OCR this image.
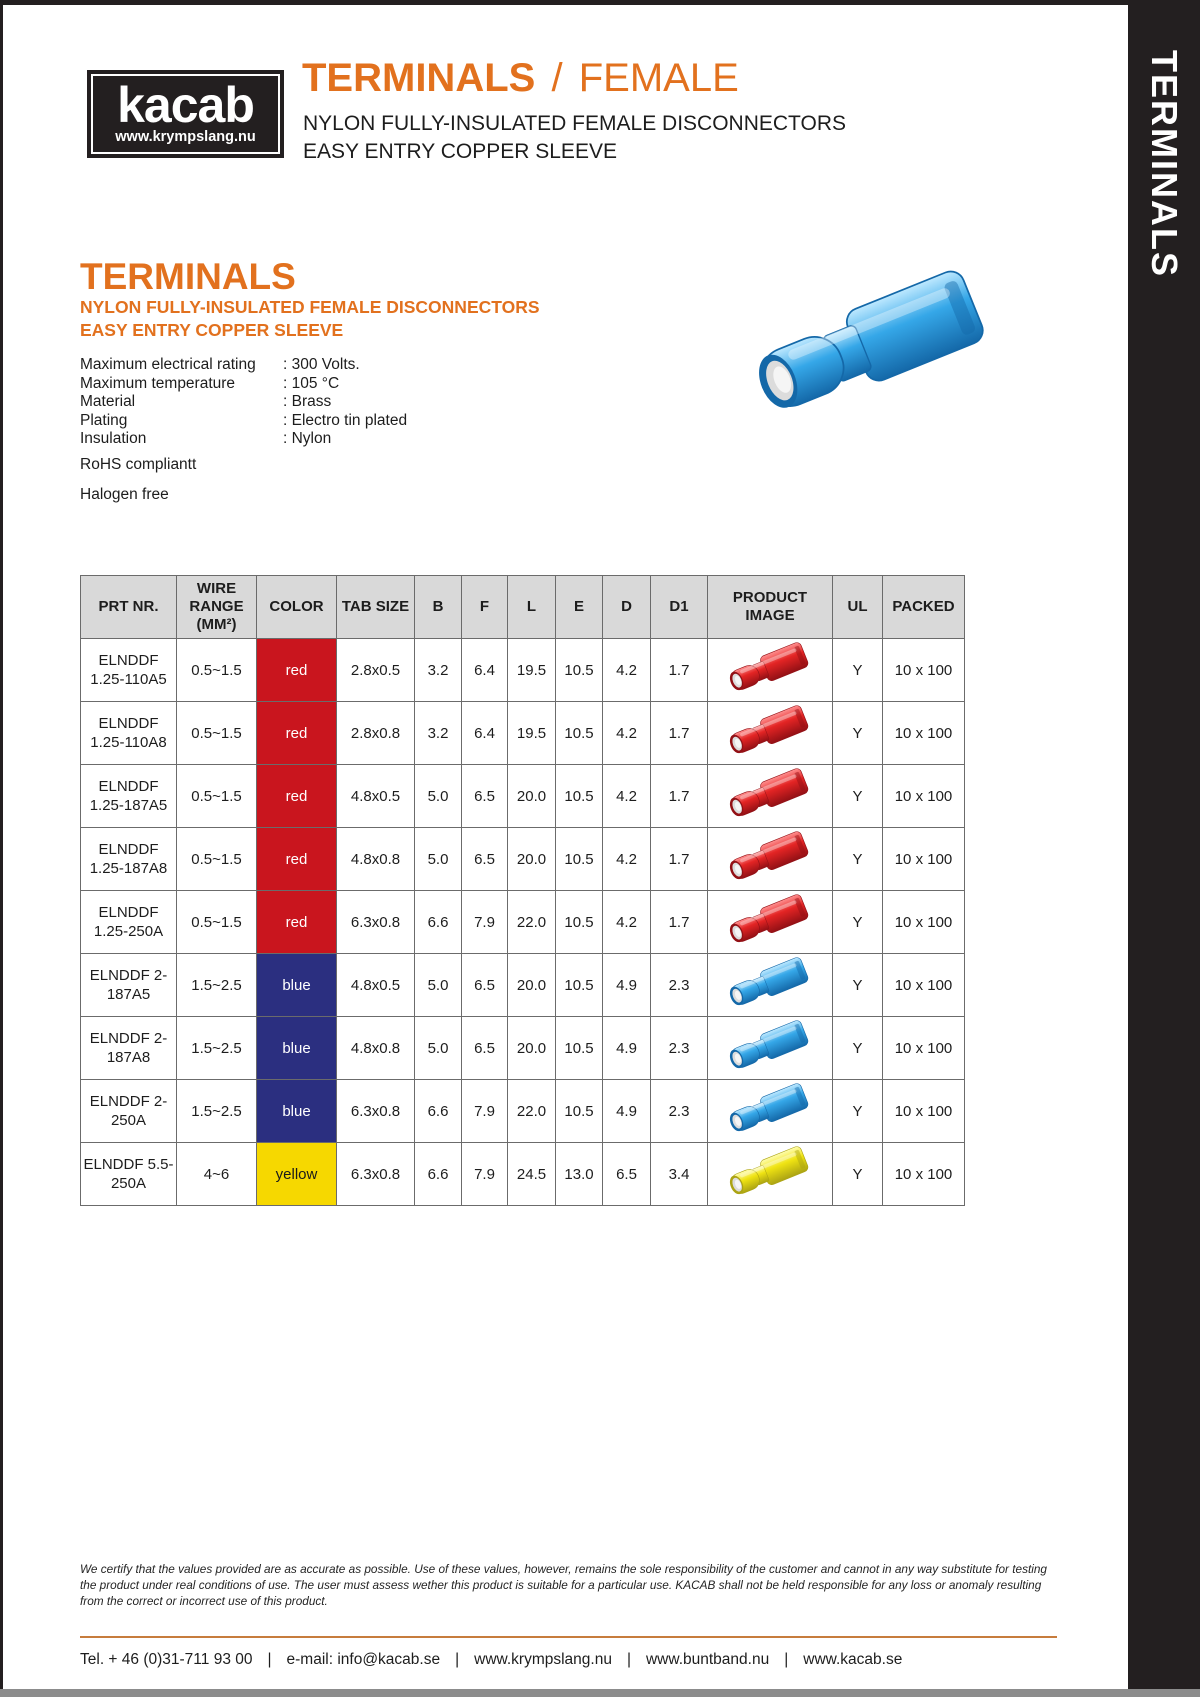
TERMINALS
kacab
www.krympslang.nu
TERMINALS / FEMALE
NYLON FULLY-INSULATED FEMALE DISCONNECTORS
EASY ENTRY COPPER SLEEVE
TERMINALS
NYLON FULLY-INSULATED FEMALE DISCONNECTORS
EASY ENTRY COPPER SLEEVE
Maximum electrical rating	: 300 Volts.
Maximum temperature	: 105 °C
Material	: Brass
Plating	: Electro tin plated
Insulation	: Nylon
RoHS compliantt
Halogen free
PRT NR.	WIRE RANGE (MM²)	COLOR	TAB SIZE	B	F	L	E	D	D1	PRODUCT IMAGE	UL	PACKED
ELNDDF 1.25-110A5	0.5~1.5	red	2.8x0.5	3.2	6.4	19.5	10.5	4.2	1.7		Y	10 x 100
ELNDDF 1.25-110A8	0.5~1.5	red	2.8x0.8	3.2	6.4	19.5	10.5	4.2	1.7		Y	10 x 100
ELNDDF 1.25-187A5	0.5~1.5	red	4.8x0.5	5.0	6.5	20.0	10.5	4.2	1.7		Y	10 x 100
ELNDDF 1.25-187A8	0.5~1.5	red	4.8x0.8	5.0	6.5	20.0	10.5	4.2	1.7		Y	10 x 100
ELNDDF 1.25-250A	0.5~1.5	red	6.3x0.8	6.6	7.9	22.0	10.5	4.2	1.7		Y	10 x 100
ELNDDF 2-187A5	1.5~2.5	blue	4.8x0.5	5.0	6.5	20.0	10.5	4.9	2.3		Y	10 x 100
ELNDDF 2-187A8	1.5~2.5	blue	4.8x0.8	5.0	6.5	20.0	10.5	4.9	2.3		Y	10 x 100
ELNDDF 2-250A	1.5~2.5	blue	6.3x0.8	6.6	7.9	22.0	10.5	4.9	2.3		Y	10 x 100
ELNDDF 5.5-250A	4~6	yellow	6.3x0.8	6.6	7.9	24.5	13.0	6.5	3.4		Y	10 x 100
We certify that the values provided are as accurate as possible. Use of these values, however, remains the sole responsibility of the customer and cannot in any way substitute for testing the product under real conditions of use. The user must assess wether this product is suitable for a particular use. KACAB shall not be held responsible for any loss or anomaly resulting from the correct or incorrect use of this product.
Tel. + 46 (0)31-711 93 00 | e-mail: info@kacab.se | www.krympslang.nu | www.buntband.nu | www.kacab.se
